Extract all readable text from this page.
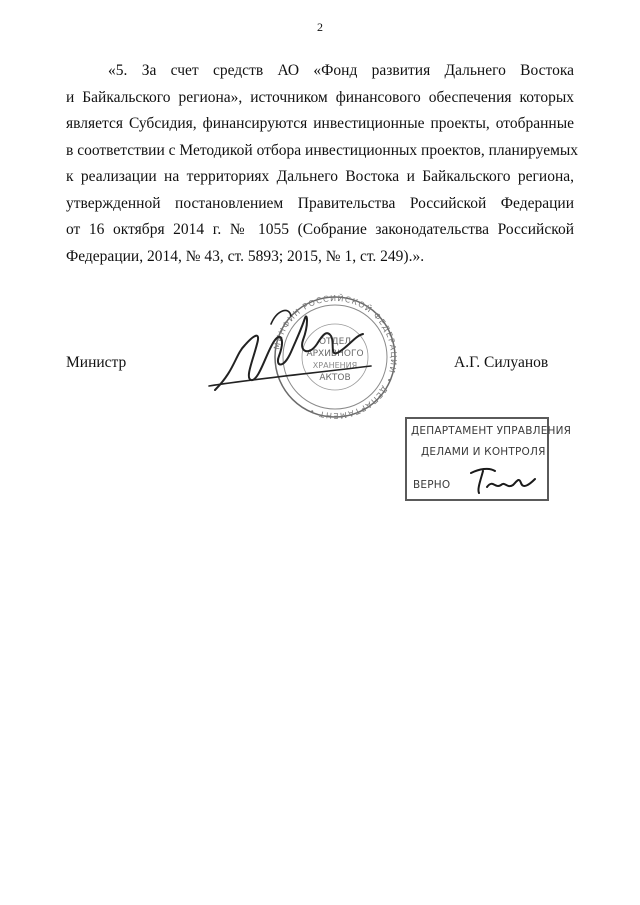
2
«5. За счет средств АО «Фонд развития Дальнего Востока
и Байкальского региона», источником финансового обеспечения которых
является Субсидия, финансируются инвестиционные проекты, отобранные
в соответствии с Методикой отбора инвестиционных проектов, планируемых
к реализации на территориях Дальнего Востока и Байкальского региона,
утвержденной постановлением Правительства Российской Федерации
от 16 октября 2014 г. № 1055 (Собрание законодательства Российской
Федерации, 2014, № 43, ст. 5893; 2015, № 1, ст. 249).».
МИНФИН РОССИЙСКОЙ ФЕДЕРАЦИИ • ДЕПАРТАМЕНТ •
ОТДЕЛ
АРХИВНОГО
ХРАНЕНИЯ
АКТОВ
Министр	А.Г. Силуанов
ДЕПАРТАМЕНТ УПРАВЛЕНИЯ
ДЕЛАМИ И КОНТРОЛЯ
ВЕРНО
